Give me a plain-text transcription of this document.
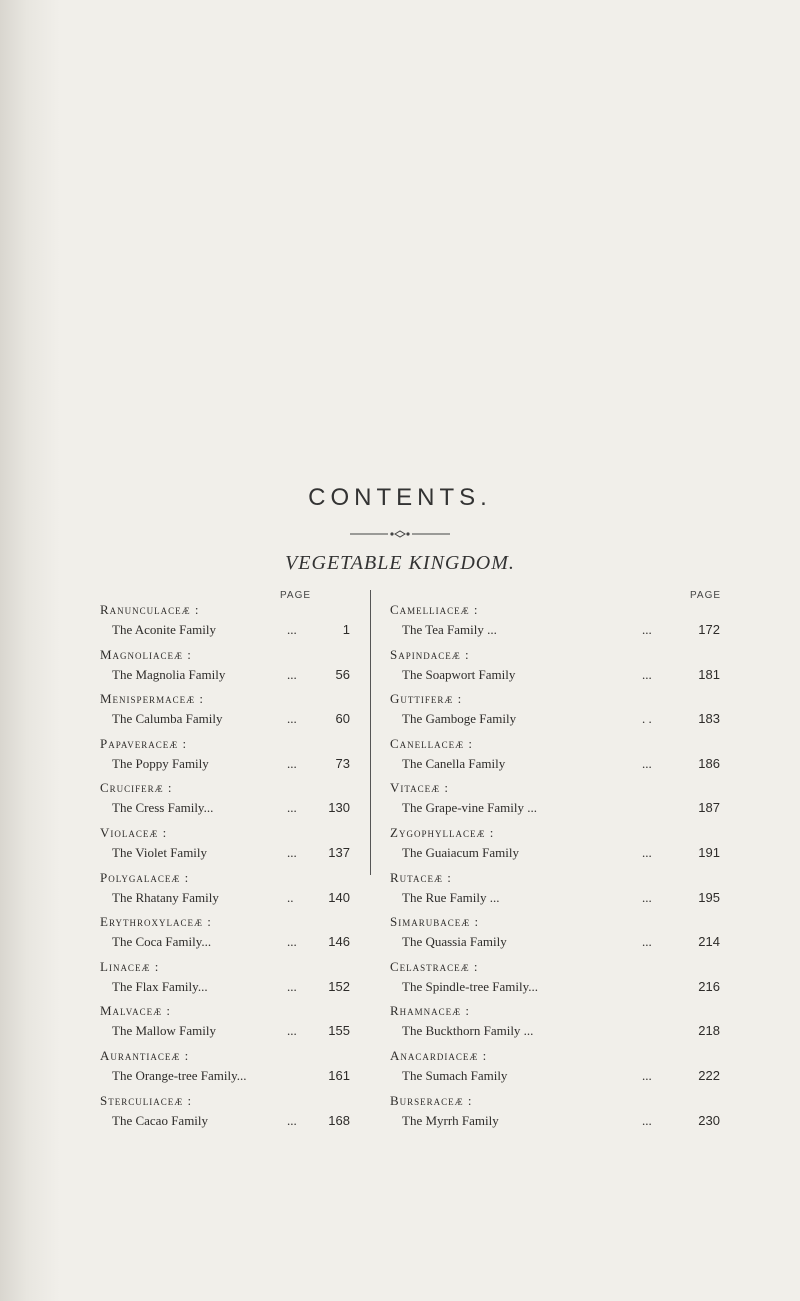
CONTENTS.
VEGETABLE KINGDOM.
PAGE
Ranunculaceæ :
The Aconite Family	...	1
Magnoliaceæ :
The Magnolia Family	...	56
Menispermaceæ :
The Calumba Family	...	60
Papaveraceæ :
The Poppy Family	...	73
Cruciferæ :
The Cress Family...	... 130
Violaceæ :
The Violet Family	... 137
Polygalaceæ :
The Rhatany Family	..	140
Erythroxylaceæ :
The Coca Family...	... 146
Linaceæ :
The Flax Family...	... 152
Malvaceæ :
The Mallow Family	... 155
Aurantiaceæ :
The Orange-tree Family...	161
Sterculiaceæ :
The Cacao Family	... 168
PAGE
Camelliaceæ :
The Tea Family ...	...	172
Sapindaceæ :
The Soapwort Family	...	181
Guttiferæ :
The Gamboge Family	. .	183
Canellaceæ :
The Canella Family	...	186
Vitaceæ :
The Grape-vine Family ...	187
Zygophyllaceæ :
The Guaiacum Family	...	191
Rutaceæ :
The Rue Family ...	...	195
Simarubaceæ :
The Quassia Family	...	214
Celastraceæ :
The Spindle-tree Family...	216
Rhamnaceæ :
The Buckthorn Family ...	218
Anacardiaceæ :
The Sumach Family	...	222
Burseraceæ :
The Myrrh Family	...	230
